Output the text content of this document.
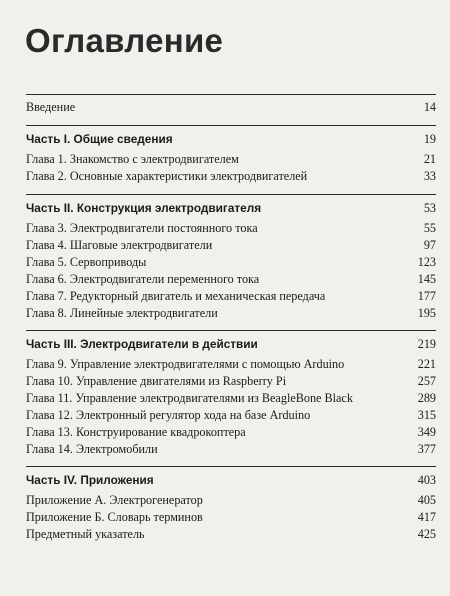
Оглавление
Введение	14
Часть I. Общие сведения	19
Глава 1. Знакомство с электродвигателем	21
Глава 2. Основные характеристики электродвигателей	33
Часть II. Конструкция электродвигателя	53
Глава 3. Электродвигатели постоянного тока	55
Глава 4. Шаговые электродвигатели	97
Глава 5. Сервоприводы	123
Глава 6. Электродвигатели переменного тока	145
Глава 7. Редукторный двигатель и механическая передача	177
Глава 8. Линейные электродвигатели	195
Часть III. Электродвигатели в действии	219
Глава 9. Управление электродвигателями с помощью Arduino	221
Глава 10. Управление двигателями из Raspberry Pi	257
Глава 11. Управление электродвигателями из BeagleBone Black	289
Глава 12. Электронный регулятор хода на базе Arduino	315
Глава 13. Конструирование квадрокоптера	349
Глава 14. Электромобили	377
Часть IV. Приложения	403
Приложение А. Электрогенератор	405
Приложение Б. Словарь терминов	417
Предметный указатель	425
